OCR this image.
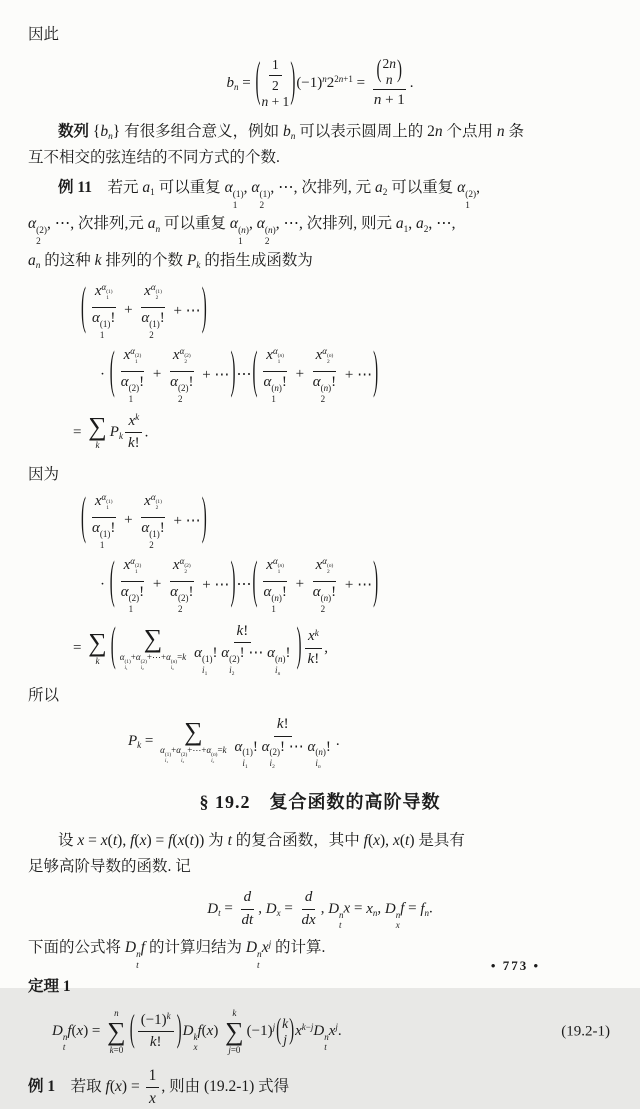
因此
bn = ( $\frac{1}{2}$
n + 1 ) (−1)n22n+1 = ( 2n
n )
n + 1 .
数列 {bn} 有很多组合意义，例如 bn 可以表示圆周上的 2n 个点用 n 条
互不相交的弦连结的不同方式的个数.
例 11　若元 a1 可以重复 α (1)
1
, α (1)
2
, ⋯, 次排列, 元 a2 可以重复 α (2)
1
,
α (2)
2
, ⋯, 次排列,元 an 可以重复 α (n)
1
, α (n)
2
, ⋯, 次排列, 则元 a1, a2, ⋯,
an 的这种 k 排列的个数 Pk 的指生成函数为
( xα (1)
1
α (1)
1
! + xα (1)
2
α (1)
2
! + ⋯ )
· ( xα (2)
1
α (2)
1
! + xα (2)
2
α (2)
2
! + ⋯ ) ⋯ ( xα (n)
1
α (n)
1
! + xα (n)
2
α (n)
2
! + ⋯ )
= ∑
k
Pk $\frac{xk}{k!}$ .
因为
( xα (1)
1
α (1)
1
! + xα (1)
2
α (1)
2
! + ⋯ )
· ( xα (2)
1
α (2)
1
! + xα (2)
2
α (2)
2
! + ⋯ ) ⋯ ( xα (n)
1
α (n)
1
! + xα (n)
2
α (n)
2
! + ⋯ )
= ∑
k ( ∑
α (1)
i1
+α (2)
i2
+⋯+α (n)
in
=k k!
α (1)
i1
! α (2)
i2
! ⋯ α (n)
in
! ) $\frac{xk}{k!}$ ,
所以
Pk = ∑
α (1)
i1
+α (2)
i2
+⋯+α (n)
in
=k k!
α (1)
i1
! α (2)
i2
! ⋯ α (n)
in
! .
§ 19.2　复合函数的高阶导数
设 x = x(t), f(x) = f(x(t)) 为 t 的复合函数，其中 f(x), x(t) 是具有
足够高阶导数的函数. 记
$Dt = \frac{d}{dt}$ , $Dx = \frac{d}{dx}$ , D n
t
x = xn, D n
x
f = fn.
下面的公式将 D n
t
f 的计算归结为 D n
t
xj 的计算.
定理 1
D n
t
f(x) =
n
∑
k=0 ( $\frac{(-1)k}{k!}$ ) D k
x
f(x)
k
∑
j=0
(−1)j ( k
j ) xk−jD n
t
xj.	(19.2-1)
例 1　若取 $f(x) = \frac{1}{x}$ , 则由 (19.2-1) 式得
• 773 •
